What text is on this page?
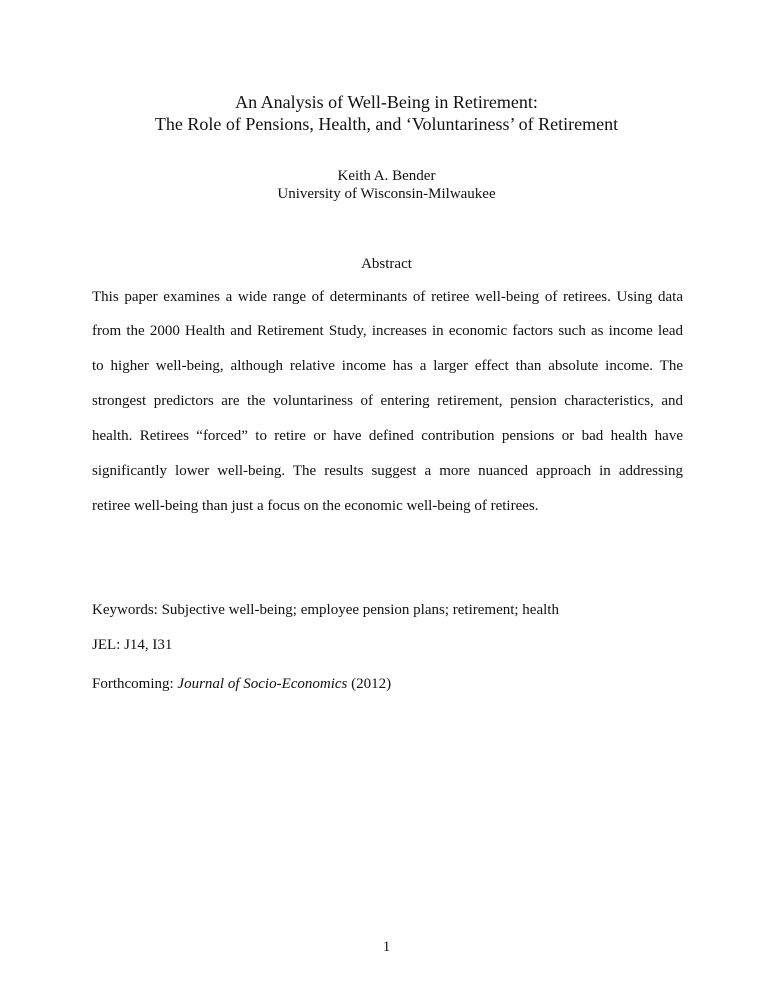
An Analysis of Well-Being in Retirement:
The Role of Pensions, Health, and ‘Voluntariness’ of Retirement
Keith A. Bender
University of Wisconsin-Milwaukee
Abstract
This paper examines a wide range of determinants of retiree well-being of retirees. Using data
from the 2000 Health and Retirement Study, increases in economic factors such as income lead
to higher well-being, although relative income has a larger effect than absolute income. The
strongest predictors are the voluntariness of entering retirement, pension characteristics, and
health. Retirees “forced” to retire or have defined contribution pensions or bad health have
significantly lower well-being. The results suggest a more nuanced approach in addressing
retiree well-being than just a focus on the economic well-being of retirees.
Keywords: Subjective well-being; employee pension plans; retirement; health
JEL: J14, I31
Forthcoming: Journal of Socio-Economics (2012)
1
